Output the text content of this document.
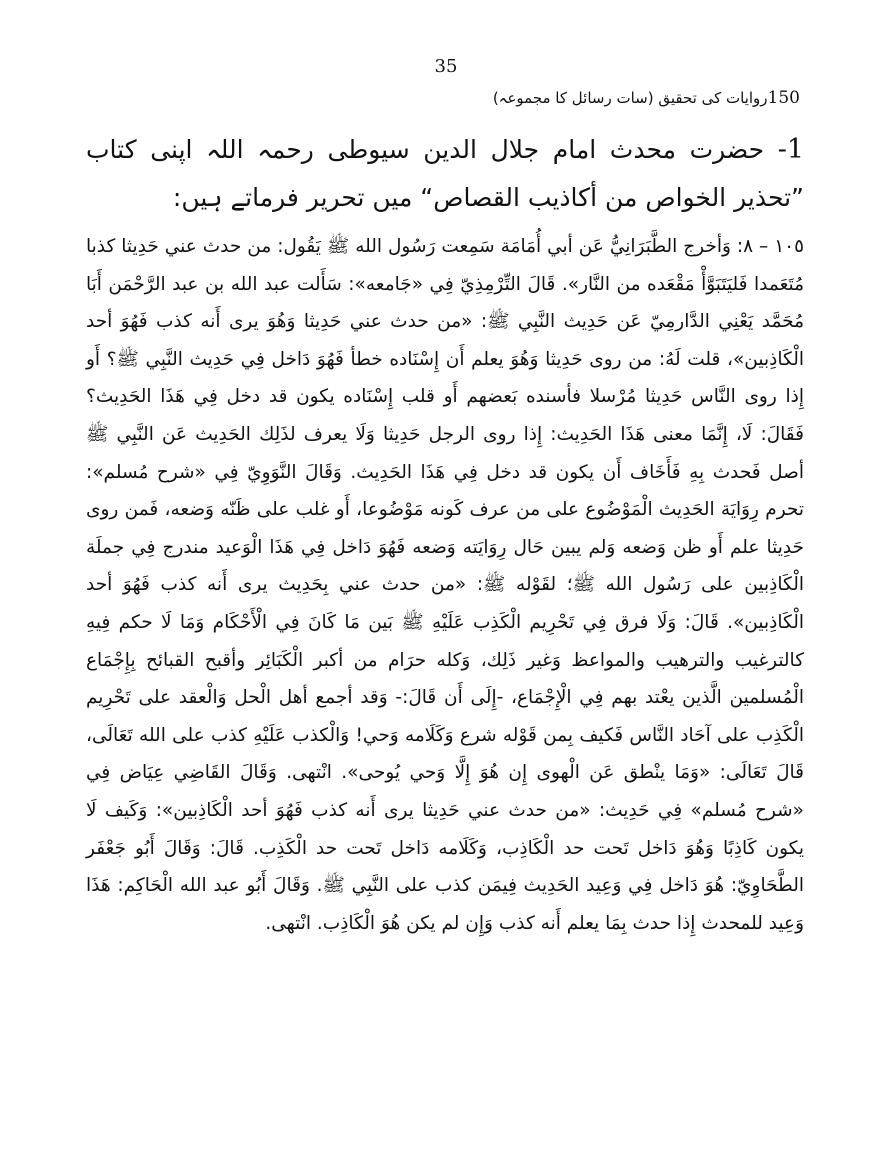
35
150روایات کی تحقیق (سات رسائل کا مجموعہ)
1- حضرت محدث امام جلال الدین سیوطی رحمہ اللہ اپنی کتاب ”تحذیر الخواص من أکاذیب القصاص“ میں تحریر فرماتے ہیں:

١٠٥ – ٨: وَأخرج الطَّبَرَانِيُّ عَن أبي أُمَامَة سَمِعت رَسُول الله ﷺ يَقُول: من حدث عني حَدِيثا كذبا مُتَعَمدا فَليَتَبَوَّأْ مَقْعَده من النَّار». قَالَ التِّرْمِذِيّ فِي «جَامعه»: سَأَلت عبد الله بن عبد الرَّحْمَن أَبَا مُحَمَّد يَعْنِي الدَّارمِيّ عَن حَدِيث النَّبِي ﷺ: «من حدث عني حَدِيثا وَهُوَ يرى أَنه كذب فَهُوَ أحد الْكَاذِبين»، قلت لَهُ: من روى حَدِيثا وَهُوَ يعلم أَن إِسْنَاده خطأ فَهُوَ دَاخل فِي حَدِيث النَّبِي ﷺ؟ أَو إِذا روى النَّاس حَدِيثا مُرْسلا فأسنده بَعضهم أَو قلب إِسْنَاده يكون قد دخل فِي هَذَا الحَدِيث؟ فَقَالَ: لَا، إِنَّمَا معنى هَذَا الحَدِيث: إِذا روى الرجل حَدِيثا وَلَا يعرف لذَلِك الحَدِيث عَن النَّبِي ﷺ أصل فَحدث بِهِ فَأَخَاف أَن يكون قد دخل فِي هَذَا الحَدِيث. وَقَالَ النَّوَوِيّ فِي «شرح مُسلم»: تحرم رِوَايَة الحَدِيث الْمَوْضُوع على من عرف كَونه مَوْضُوعا، أَو غلب على ظَنّه وَضعه، فَمن روى حَدِيثا علم أَو ظن وَضعه وَلم يبين حَال رِوَايَته وَضعه فَهُوَ دَاخل فِي هَذَا الْوَعيد مندرج فِي جملَة الْكَاذِبين على رَسُول الله ﷺ؛ لقَوْله ﷺ: «من حدث عني بِحَدِيث يرى أَنه كذب فَهُوَ أحد الْكَاذِبين». قَالَ: وَلَا فرق فِي تَحْرِيم الْكَذِب عَلَيْهِ ﷺ بَين مَا كَانَ فِي الْأَحْكَام وَمَا لَا حكم فِيهِ كالترغيب والترهيب والمواعظ وَغير ذَلِك، وَكله حرَام من أكبر الْكَبَائِر وأقبح القبائح بِإِجْمَاع الْمُسلمين الَّذين يعْتد بهم فِي الْإِجْمَاع، -إِلَى أَن قَالَ:- وَقد أجمع أهل الْحل وَالْعقد على تَحْرِيم الْكَذِب على آحَاد النَّاس فَكيف بِمن قَوْله شرع وَكَلَامه وَحي! وَالْكذب عَلَيْهِ كذب على الله تَعَالَى، قَالَ تَعَالَى: «وَمَا ينْطق عَن الْهوى إِن هُوَ إِلَّا وَحي يُوحى». انْتهى. وَقَالَ القَاضِي عِيَاض فِي «شرح مُسلم» فِي حَدِيث: «من حدث عني حَدِيثا يرى أَنه كذب فَهُوَ أحد الْكَاذِبين»: وَكَيف لَا يكون كَاذِبًا وَهُوَ دَاخل تَحت حد الْكَاذِب، وَكَلَامه دَاخل تَحت حد الْكَذِب. قَالَ: وَقَالَ أَبُو جَعْفَر الطَّحَاوِيّ: هُوَ دَاخل فِي وَعِيد الحَدِيث فِيمَن كذب على النَّبِي ﷺ. وَقَالَ أَبُو عبد الله الْحَاكِم: هَذَا وَعِيد للمحدث إِذا حدث بِمَا يعلم أَنه كذب وَإِن لم يكن هُوَ الْكَاذِب. انْتهى.
